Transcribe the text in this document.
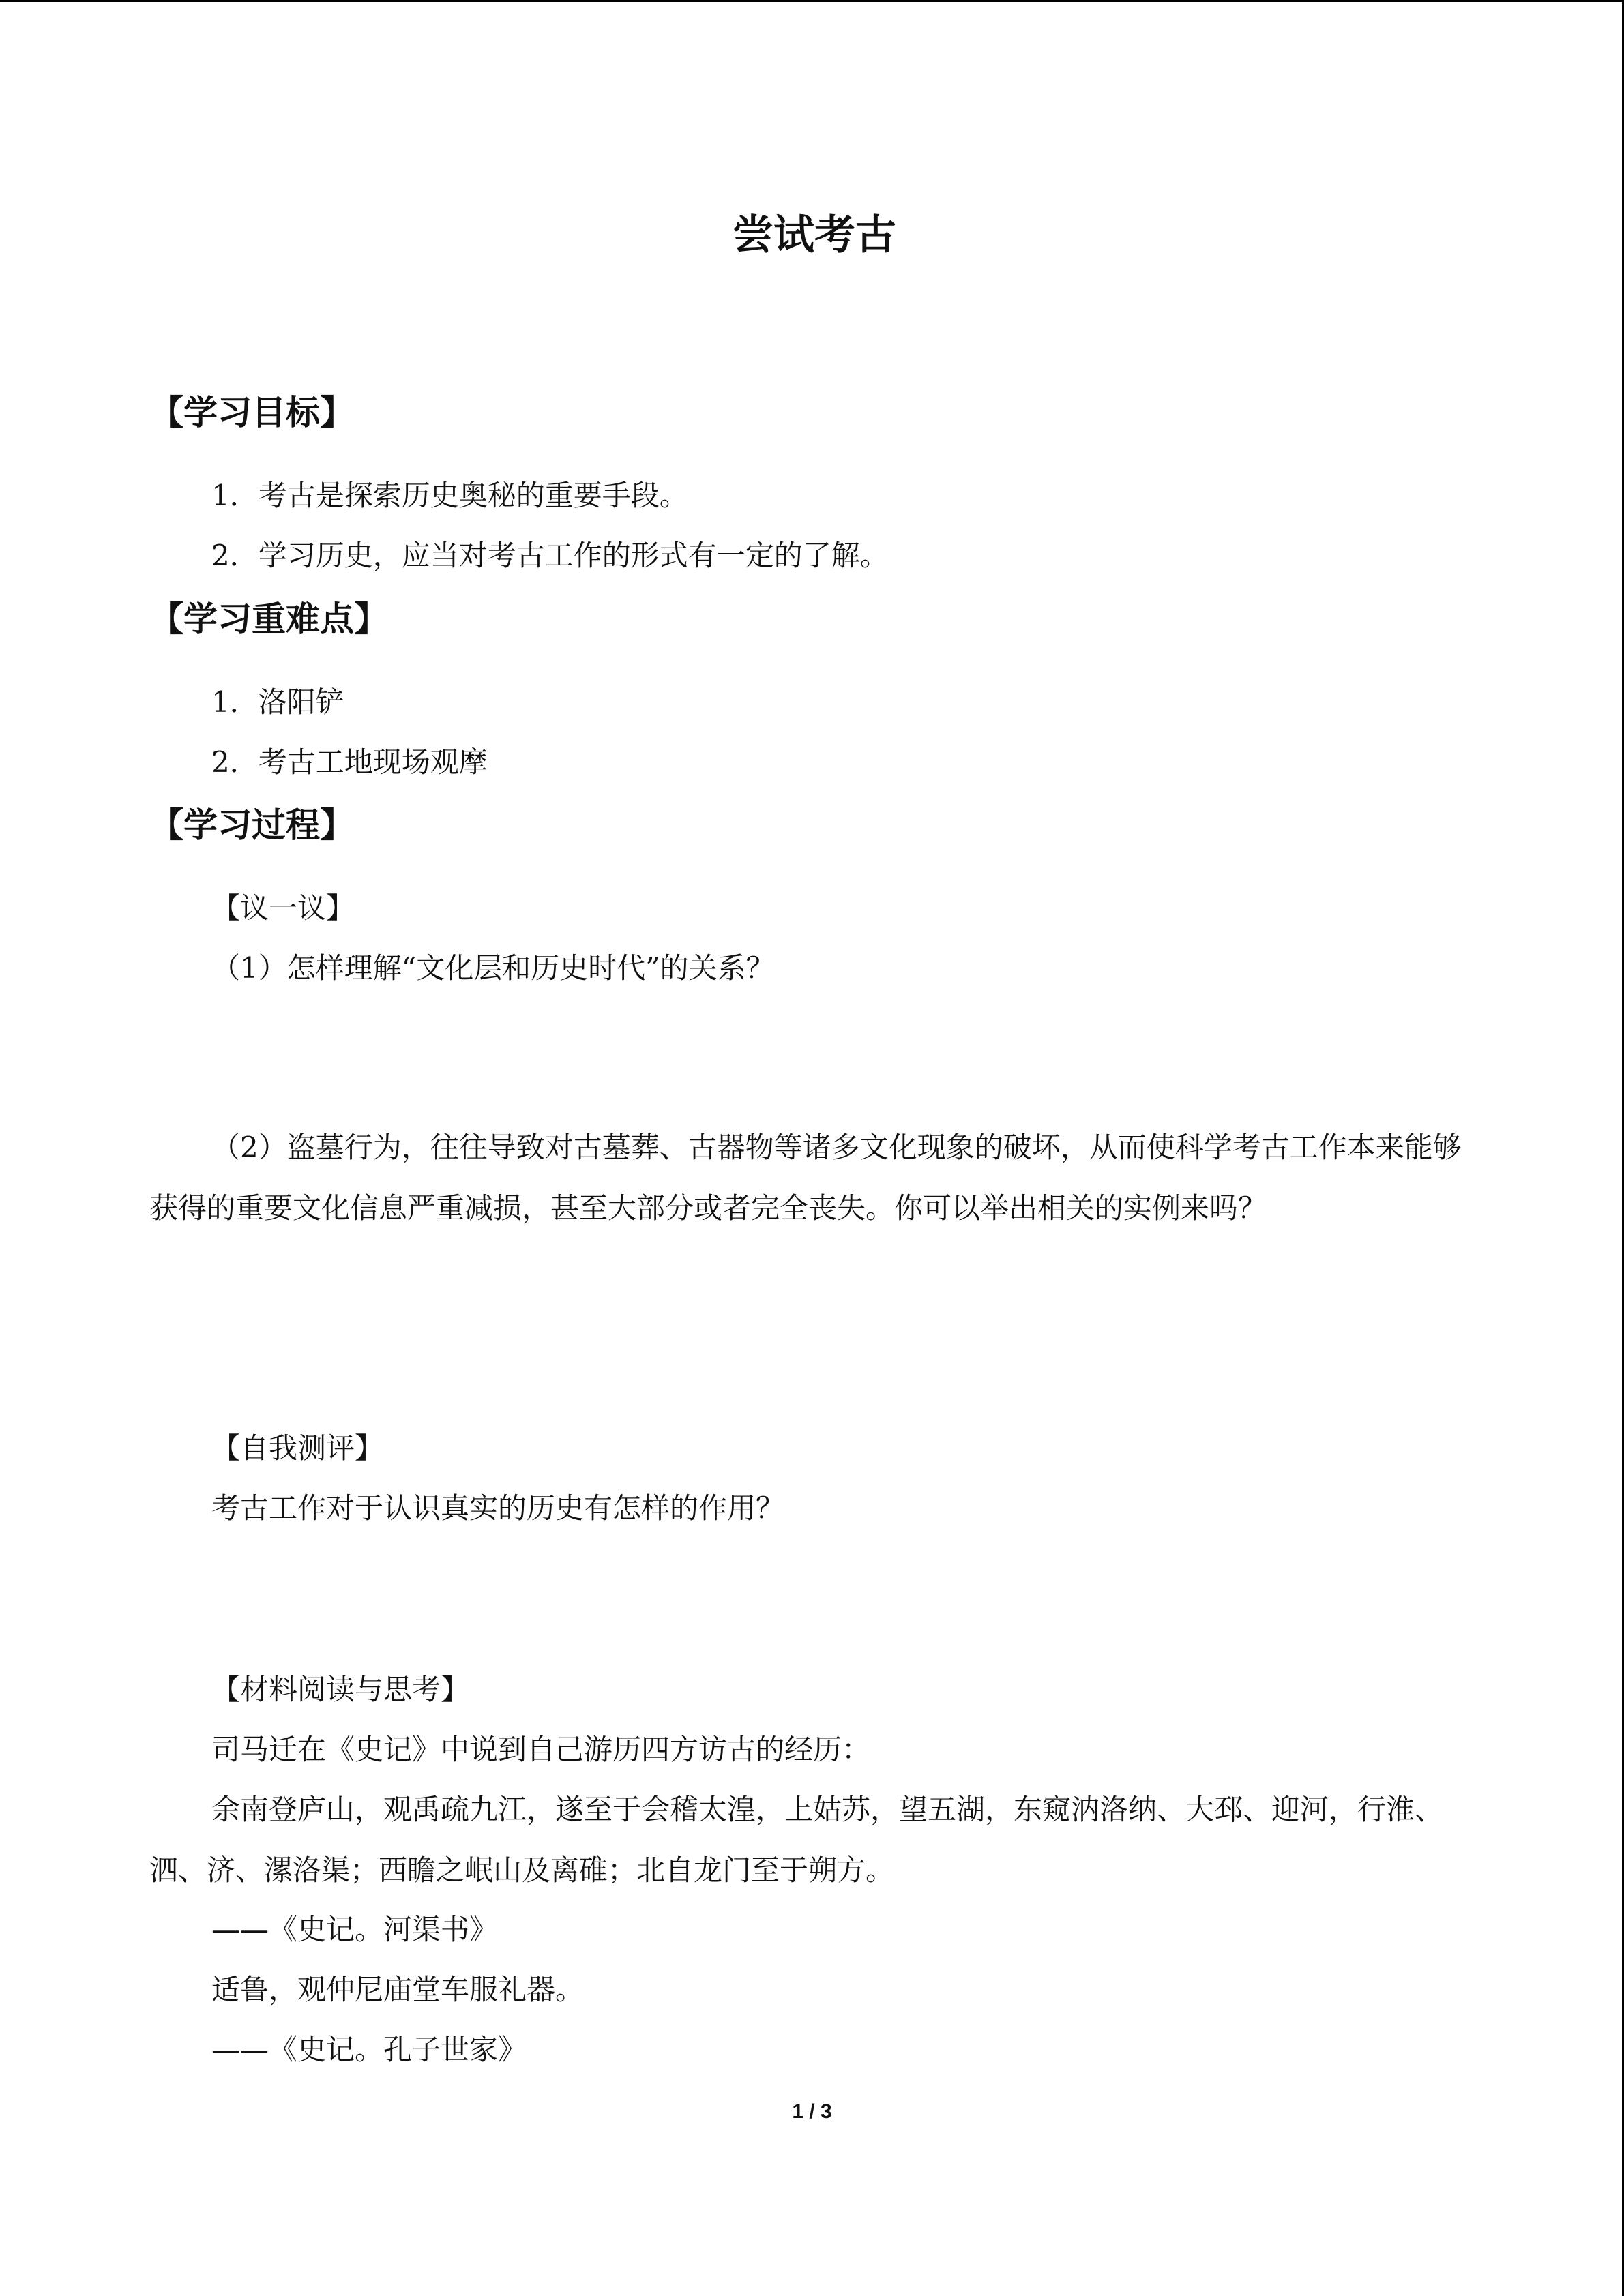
尝试考古
【学习目标】
1．考古是探索历史奥秘的重要手段。
2．学习历史，应当对考古工作的形式有一定的了解。
【学习重难点】
1．洛阳铲
2．考古工地现场观摩
【学习过程】
【议一议】
（1）怎样理解“文化层和历史时代”的关系？
（2）盗墓行为，往往导致对古墓葬、古器物等诸多文化现象的破坏，从而使科学考古工作本来能够获得的重要文化信息严重减损，甚至大部分或者完全丧失。你可以举出相关的实例来吗？
【自我测评】
考古工作对于认识真实的历史有怎样的作用？
【材料阅读与思考】
司马迁在《史记》中说到自己游历四方访古的经历：
余南登庐山，观禹疏九江，遂至于会稽太湟，上姑苏，望五湖，东窥汭洛纳、大邳、迎河，行淮、泗、济、漯洛渠；西瞻之岷山及离碓；北自龙门至于朔方。
——《史记。河渠书》
适鲁，观仲尼庙堂车服礼器。
——《史记。孔子世家》
1 / 3
